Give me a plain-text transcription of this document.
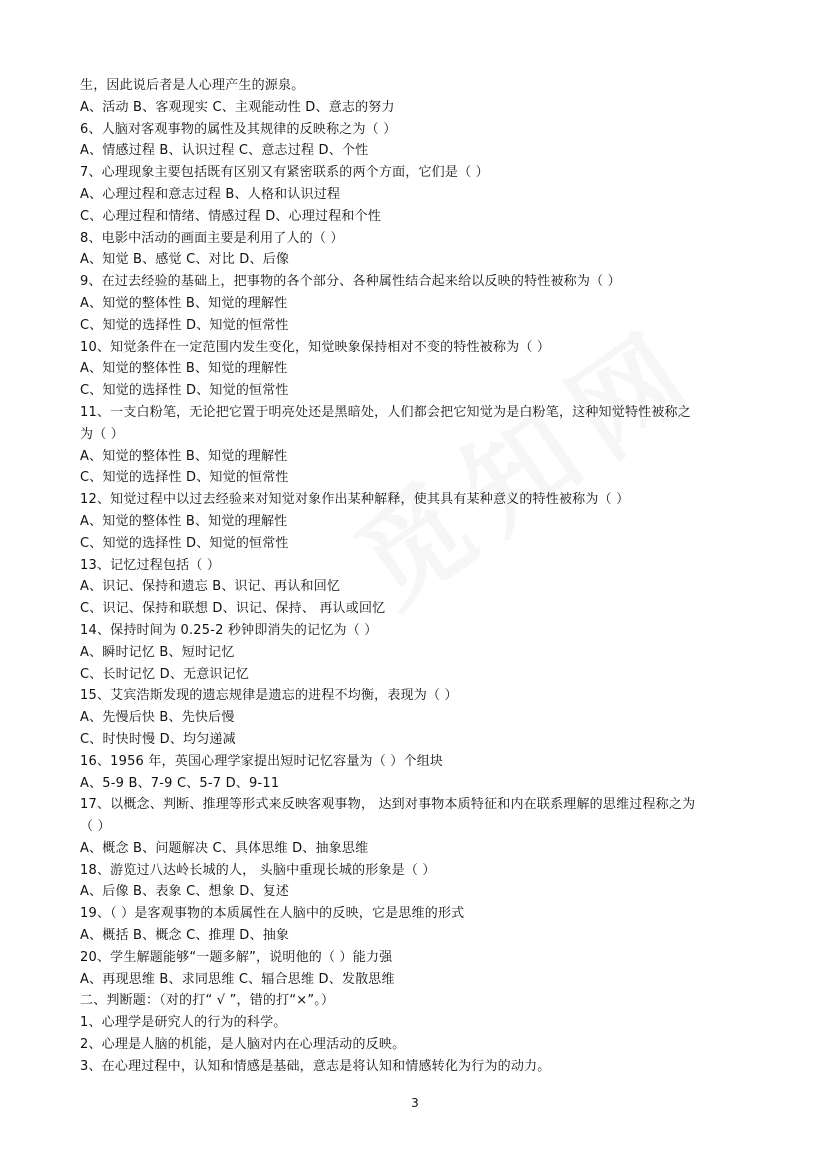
生，因此说后者是人心理产生的源泉。
A、活动 B、客观现实 C、主观能动性 D、意志的努力
6、人脑对客观事物的属性及其规律的反映称之为（ ）
A、情感过程 B、认识过程 C、意志过程 D、个性
7、心理现象主要包括既有区别又有紧密联系的两个方面，它们是（ ）
A、心理过程和意志过程 B、人格和认识过程
C、心理过程和情绪、情感过程 D、心理过程和个性
8、电影中活动的画面主要是利用了人的（ ）
A、知觉 B、感觉 C、对比 D、后像
9、在过去经验的基础上，把事物的各个部分、各种属性结合起来给以反映的特性被称为（ ）
A、知觉的整体性 B、知觉的理解性
C、知觉的选择性 D、知觉的恒常性
10、知觉条件在一定范围内发生变化，知觉映象保持相对不变的特性被称为（ ）
A、知觉的整体性 B、知觉的理解性
C、知觉的选择性 D、知觉的恒常性
11、一支白粉笔，无论把它置于明亮处还是黑暗处，人们都会把它知觉为是白粉笔，这种知觉特性被称之
为（ ）
A、知觉的整体性 B、知觉的理解性
C、知觉的选择性 D、知觉的恒常性
12、知觉过程中以过去经验来对知觉对象作出某种解释，使其具有某种意义的特性被称为（ ）
A、知觉的整体性 B、知觉的理解性
C、知觉的选择性 D、知觉的恒常性
13、记忆过程包括（ ）
A、识记、保持和遗忘 B、识记、再认和回忆
C、识记、保持和联想 D、识记、保持、 再认或回忆
14、保持时间为 0.25-2 秒钟即消失的记忆为（ ）
A、瞬时记忆 B、短时记忆
C、长时记忆 D、无意识记忆
15、艾宾浩斯发现的遗忘规律是遗忘的进程不均衡，表现为（ ）
A、先慢后快 B、先快后慢
C、时快时慢 D、均匀递减
16、1956 年，英国心理学家提出短时记忆容量为（ ）个组块
A、5-9 B、7-9 C、5-7 D、9-11
17、以概念、判断、推理等形式来反映客观事物， 达到对事物本质特征和内在联系理解的思维过程称之为
（ ）
A、概念 B、问题解决 C、具体思维 D、抽象思维
18、游览过八达岭长城的人， 头脑中重现长城的形象是（ ）
A、后像 B、表象 C、想象 D、复述
19、（ ）是客观事物的本质属性在人脑中的反映，它是思维的形式
A、概括 B、概念 C、推理 D、抽象
20、学生解题能够“一题多解”，说明他的（ ）能力强
A、再现思维 B、求同思维 C、辐合思维 D、发散思维
二、判断题：（对的打“ √ ”，错的打“×”。）
1、心理学是研究人的行为的科学。
2、心理是人脑的机能，是人脑对内在心理活动的反映。
3、在心理过程中，认知和情感是基础，意志是将认知和情感转化为行为的动力。
3
